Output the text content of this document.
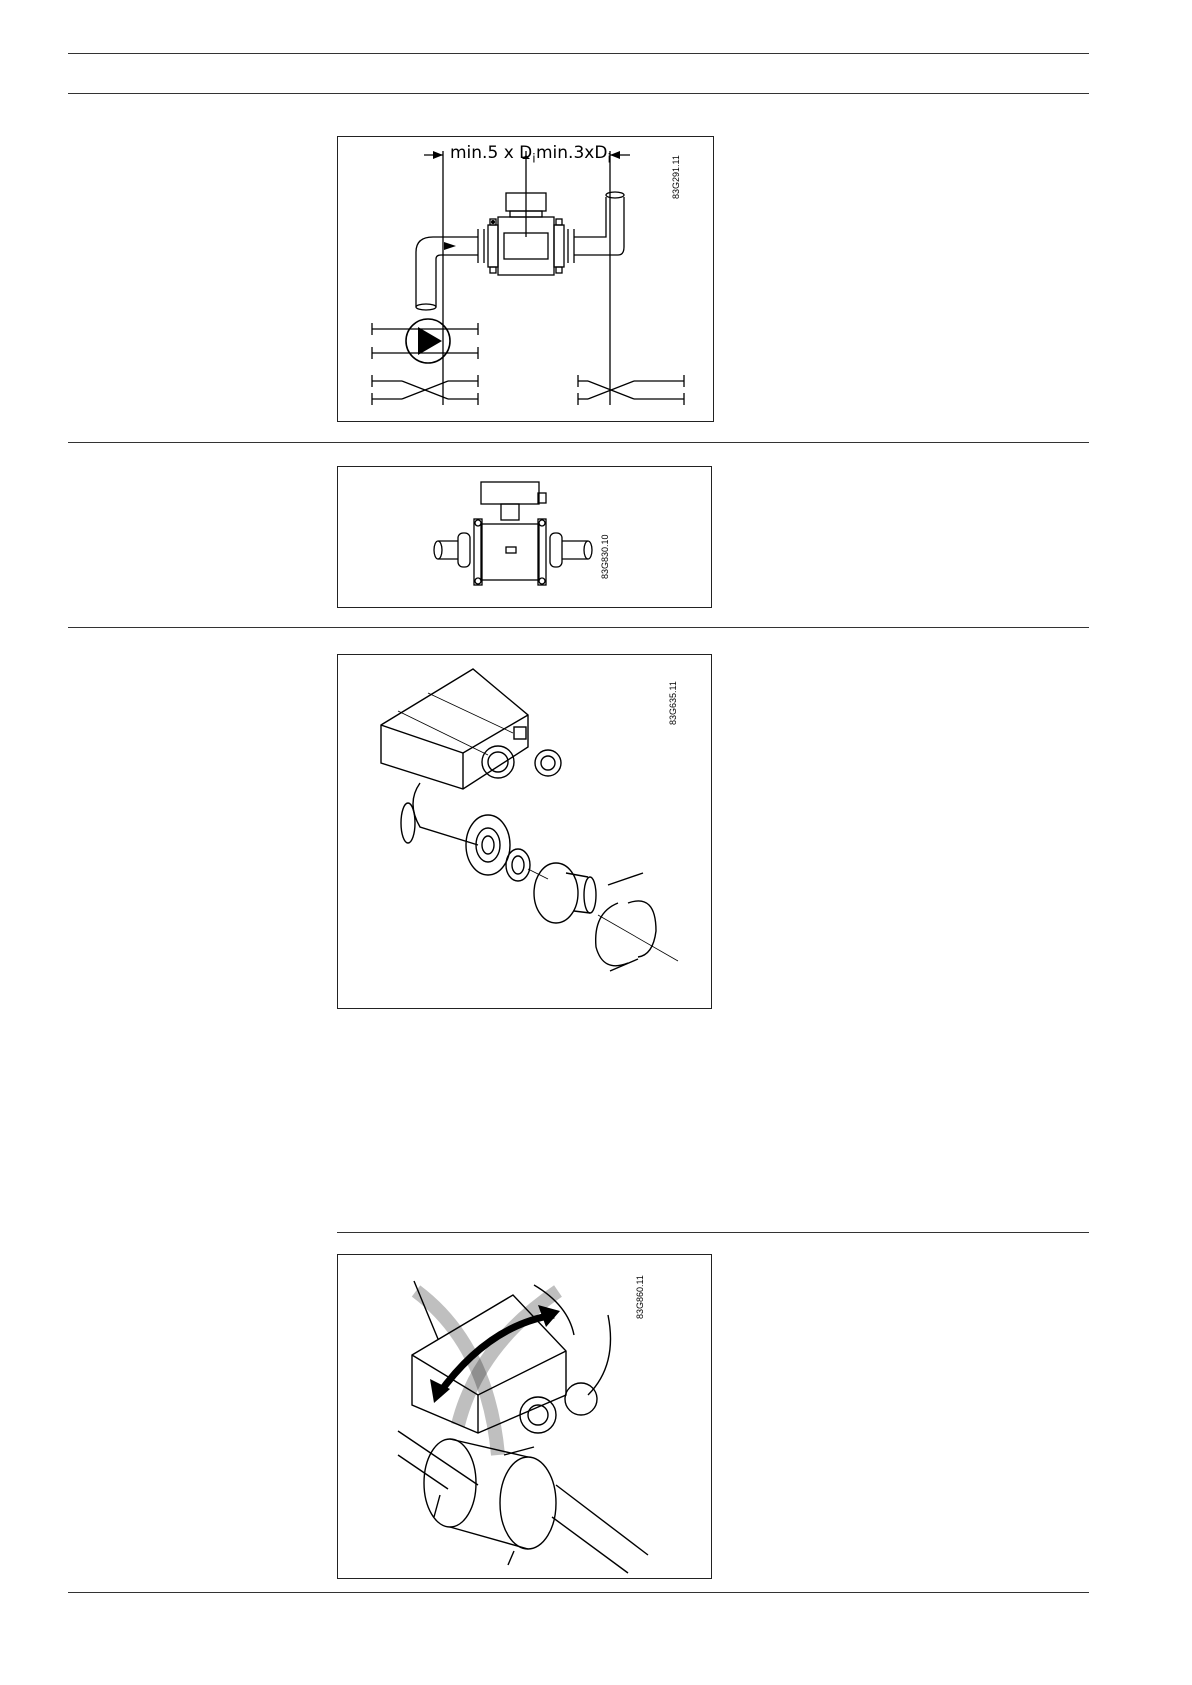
min.5 x $D_i$ $\min.3xD_i$	83G291.11
83G830.10
83G635.11
83G860.11
